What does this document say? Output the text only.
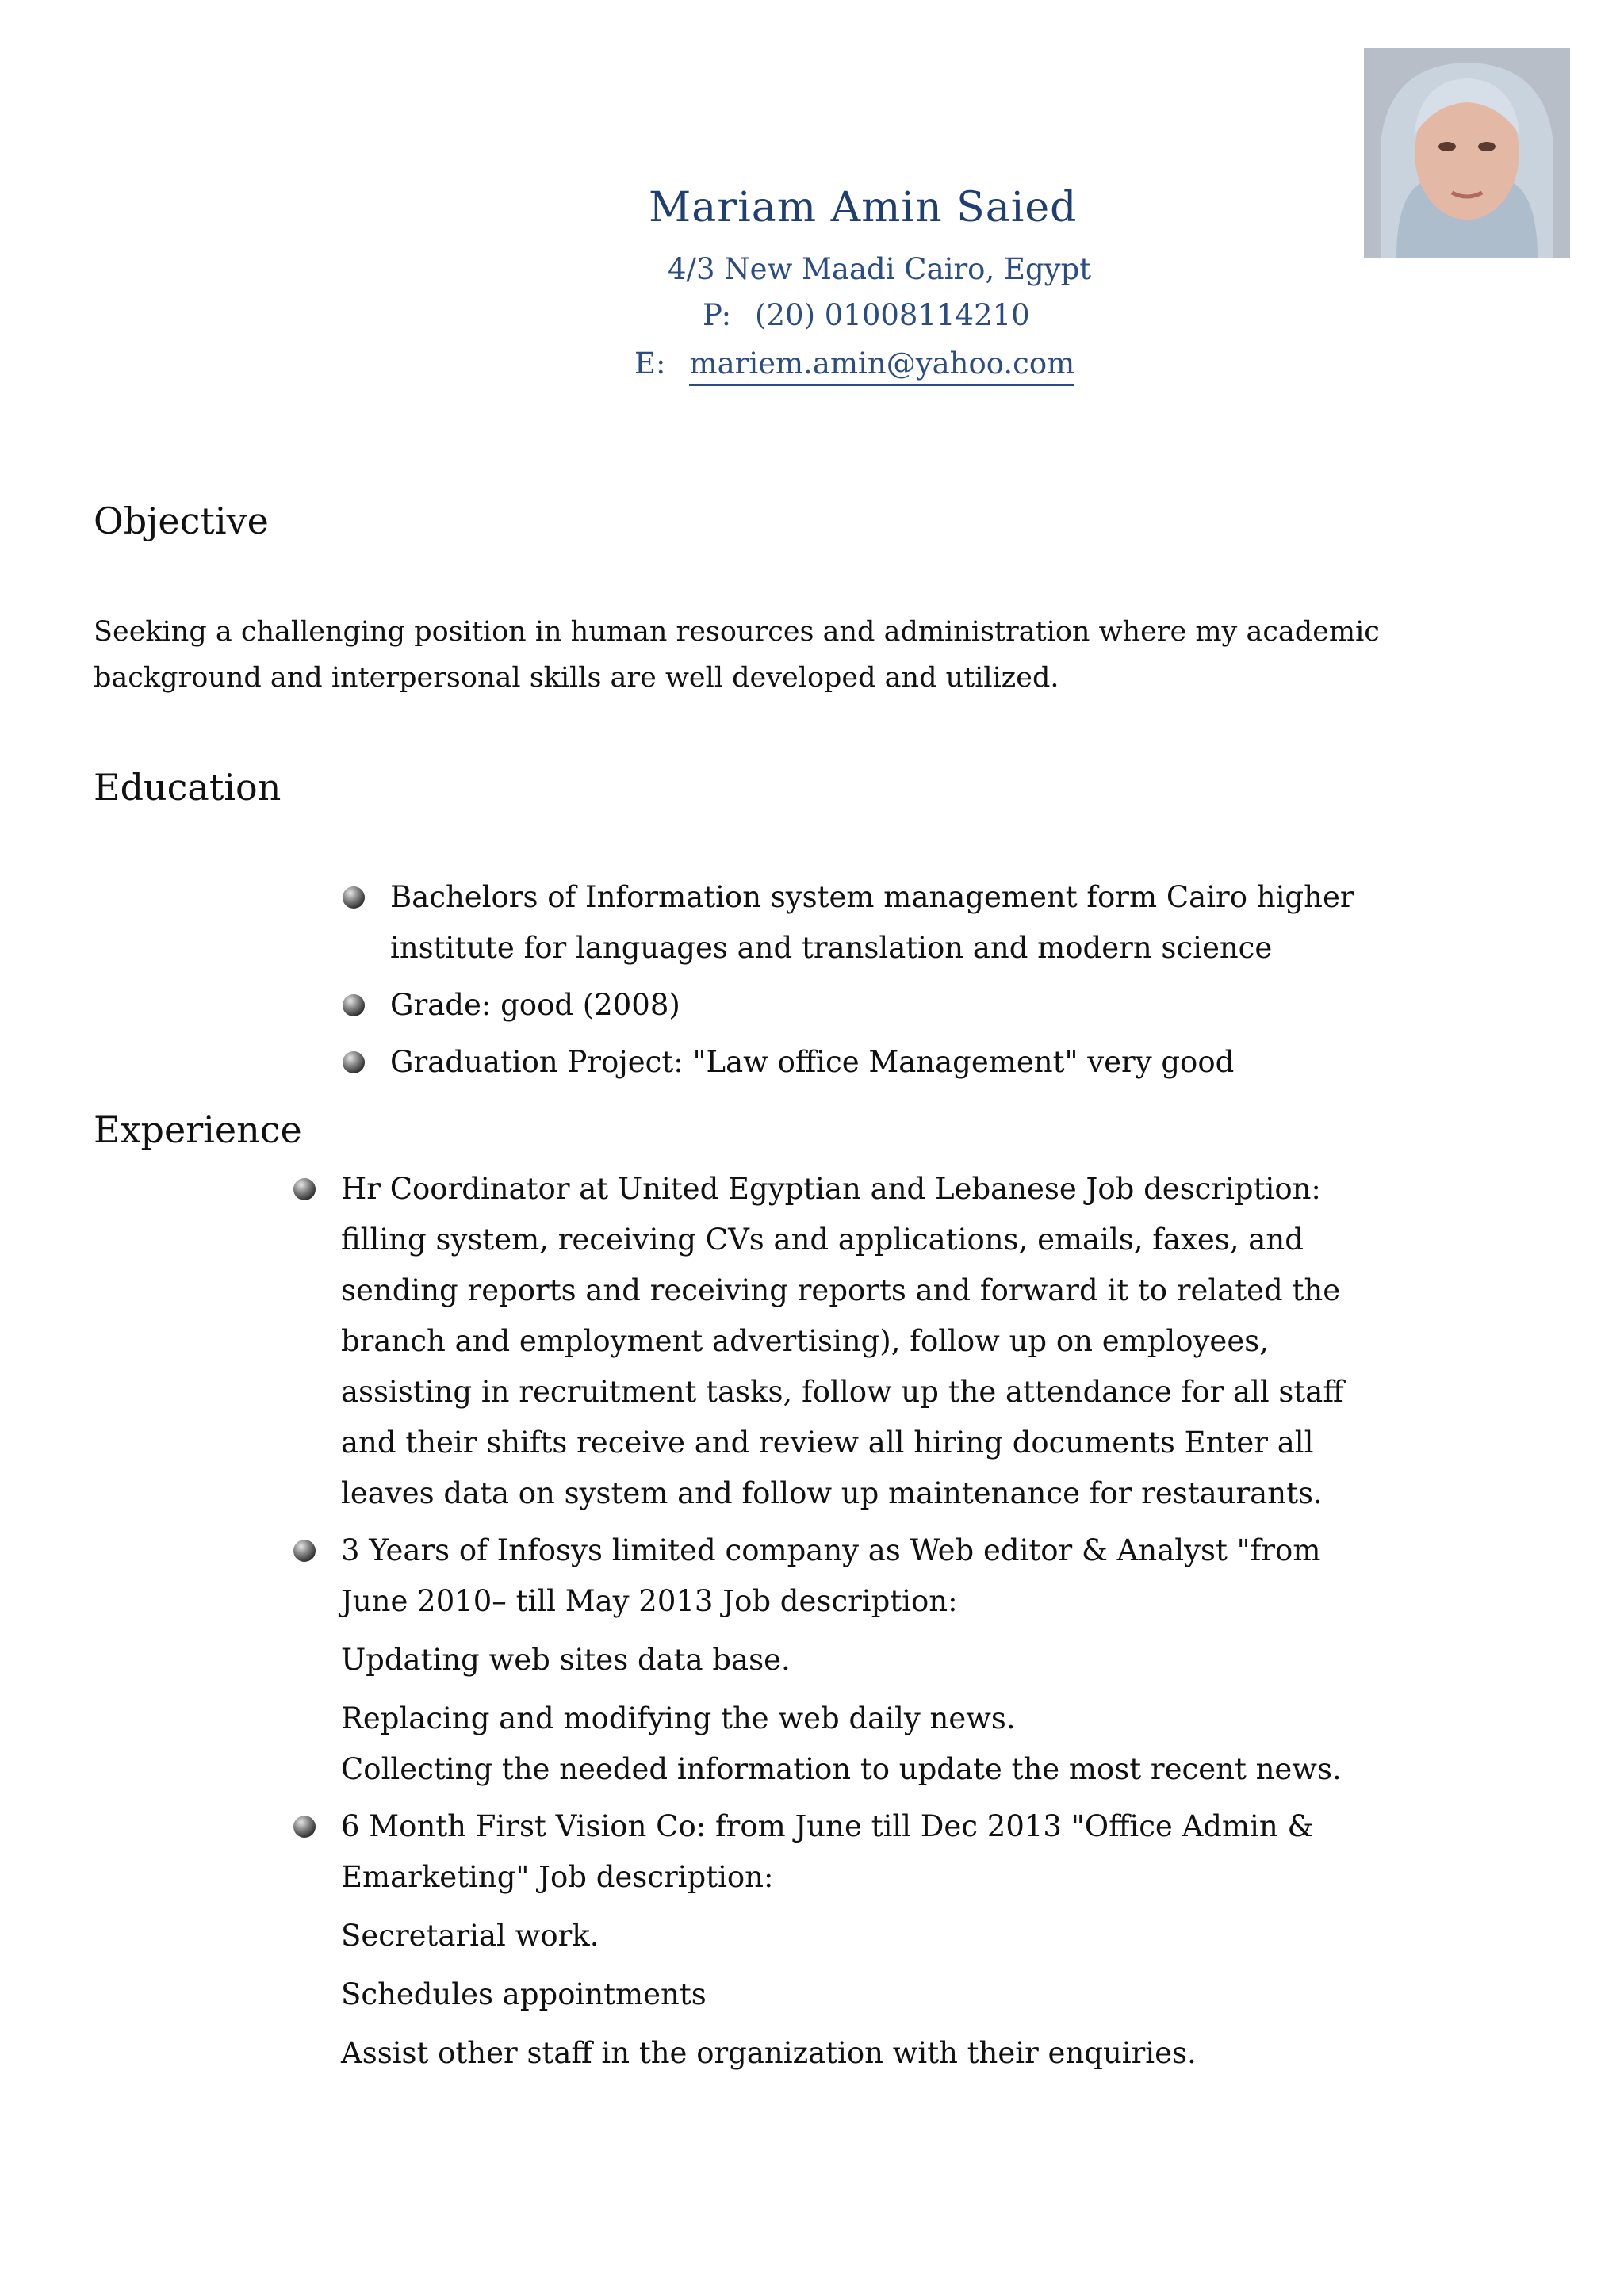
Mariam Amin Saied
4/3 New Maadi Cairo, Egypt
P: (20) 01008114210
E: mariem.amin@yahoo.com
Objective
Seeking a challenging position in human resources and administration where my academic background and interpersonal skills are well developed and utilized.
Education
Bachelors of Information system management form Cairo higher institute for languages and translation and modern science
Grade: good (2008)
Graduation Project: "Law office Management" very good
Experience
Hr Coordinator at United Egyptian and Lebanese Job description: filling system, receiving CVs and applications, emails, faxes, and sending reports and receiving reports and forward it to related the branch and employment advertising), follow up on employees, assisting in recruitment tasks, follow up the attendance for all staff and their shifts receive and review all hiring documents Enter all leaves data on system and follow up maintenance for restaurants.
3 Years of Infosys limited company as Web editor & Analyst "from June 2010– till May 2013 Job description:
Updating web sites data base.
Replacing and modifying the web daily news.
Collecting the needed information to update the most recent news.
6 Month First Vision Co: from June till Dec 2013 "Office Admin & Emarketing" Job description:
Secretarial work.
Schedules appointments
Assist other staff in the organization with their enquiries.
